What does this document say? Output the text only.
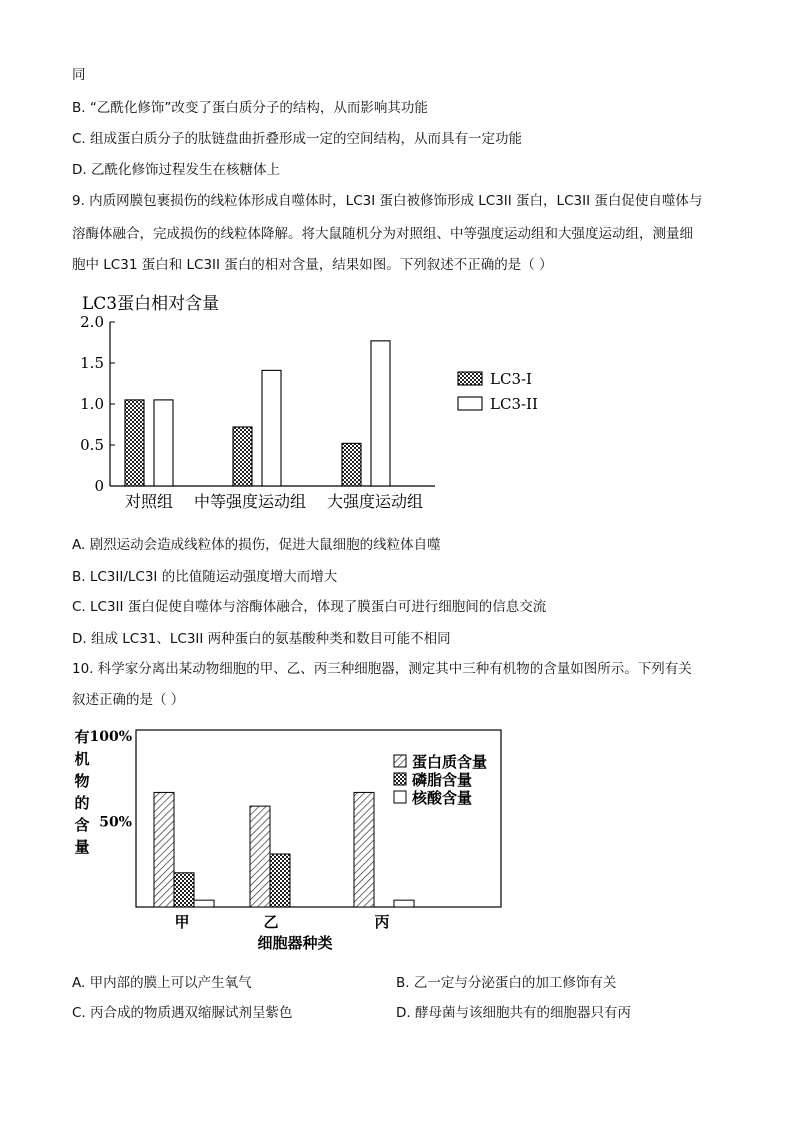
同
B. “乙酰化修饰”改变了蛋白质分子的结构，从而影响其功能
C. 组成蛋白质分子的肽链盘曲折叠形成一定的空间结构，从而具有一定功能
D. 乙酰化修饰过程发生在核糖体上
9. 内质网膜包裹损伤的线粒体形成自噬体时，LC3I 蛋白被修饰形成 LC3II 蛋白，LC3II 蛋白促使自噬体与
溶酶体融合，完成损伤的线粒体降解。将大鼠随机分为对照组、中等强度运动组和大强度运动组，测量细
胞中 LC31 蛋白和 LC3II 蛋白的相对含量，结果如图。下列叙述不正确的是（ ）
LC3蛋白相对含量
2.0
1.5
1.0
0.5
0
对照组 中等强度运动组 大强度运动组
LC3-I
LC3-II
A. 剧烈运动会造成线粒体的损伤，促进大鼠细胞的线粒体自噬
B. LC3II/LC3I 的比值随运动强度增大而增大
C. LC3II 蛋白促使自噬体与溶酶体融合，体现了膜蛋白可进行细胞间的信息交流
D. 组成 LC31、LC3II 两种蛋白的氨基酸种类和数目可能不相同
10. 科学家分离出某动物细胞的甲、乙、丙三种细胞器，测定其中三种有机物的含量如图所示。下列有关
叙述正确的是（ ）
有
机
物
的
含
量
100%
50%
甲	乙	丙
蛋白质含量
磷脂含量
核酸含量
细胞器种类
A. 甲内部的膜上可以产生氧气	B. 乙一定与分泌蛋白的加工修饰有关
C. 丙合成的物质遇双缩脲试剂呈紫色	D. 酵母菌与该细胞共有的细胞器只有丙
